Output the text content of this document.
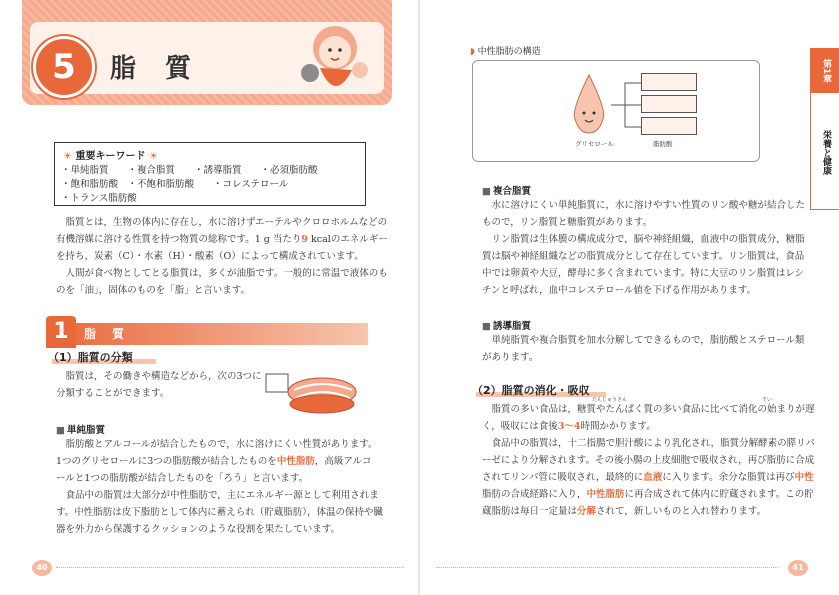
5	脂 質
☀ 重要キーワード ☀
・単純脂質　　・複合脂質　　・誘導脂質　　・必須脂肪酸
・飽和脂肪酸　・不飽和脂肪酸　　・コレステロール
・トランス脂肪酸
　脂質とは，生物の体内に存在し，水に溶けずエーテルやクロロホルムなどの
有機溶媒に溶ける性質を持つ物質の総称です。1 g 当たり9 kcalのエネルギー
を持ち，炭素（C）・水素（H）・酸素（O）によって構成されています。
　人間が食べ物としてとる脂質は，多くが油脂です。一般的に常温で液体のも
のを「油」，固体のものを「脂」と言います。
1	脂 質
（1）脂質の分類
　脂質は，その働きや構造などから，次の3つに
分類することができます。
■ 単純脂質
　脂肪酸とアルコールが結合したもので，水に溶けにくい性質があります。
1つのグリセロールに3つの脂肪酸が結合したものを中性脂肪，高級アルコ
ールと1つの脂肪酸が結合したものを「ろう」と言います。
　食品中の脂質は大部分が中性脂肪で，主にエネルギー源として利用されま
す。中性脂肪は皮下脂肪として体内に蓄えられ（貯蔵脂肪），体温の保持や臓
器を外力から保護するクッションのような役割を果たしています。
40
◗ 中性脂肪の構造
グリセロール	脂肪酸
第1章
栄養と健康
■ 複合脂質
　水に溶けにくい単純脂質に，水に溶けやすい性質のリン酸や糖が結合した
もので，リン脂質と糖脂質があります。
　リン脂質は生体膜の構成成分で，脳や神経組織，血液中の脂質成分，糖脂
質は脳や神経組織などの脂質成分として存在しています。リン脂質は，食品
中では卵黄や大豆，酵母に多く含まれています。特に大豆のリン脂質はレシ
チンと呼ばれ，血中コレステロール値を下げる作用があります。
■ 誘導脂質
　単純脂質や複合脂質を加水分解してできるもので，脂肪酸とステロール類
があります。
（2）脂質の消化・吸収
たんじゅうさん	すい
　脂質の多い食品は，糖質やたんぱく質の多い食品に比べて消化の始まりが遅
く，吸収には食後3～4時間かかります。
　食品中の脂質は，十二指腸で胆汁酸により乳化され，脂質分解酵素の膵リパ
ーゼにより分解されます。その後小腸の上皮細胞で吸収され，再び脂肪に合成
されてリンパ管に吸収され，最終的に血液に入ります。余分な脂質は再び中性
脂肪の合成経路に入り，中性脂肪に再合成されて体内に貯蔵されます。この貯
蔵脂肪は毎日一定量は分解されて，新しいものと入れ替わります。
41
